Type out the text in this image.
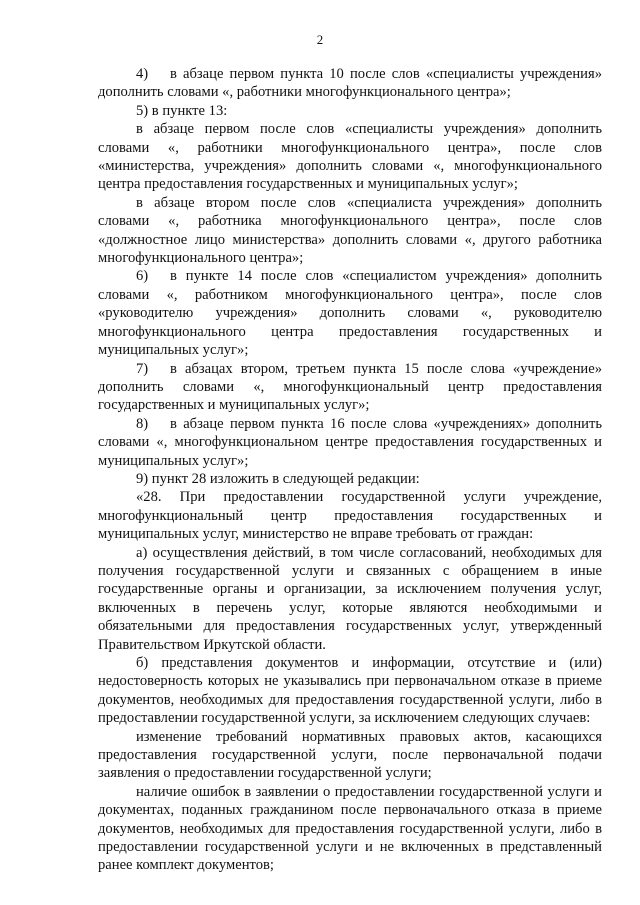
2

4) в абзаце первом пункта 10 после слов «специалисты учреждения» дополнить словами «, работники многофункционального центра»;

5) в пункте 13:

в абзаце первом после слов «специалисты учреждения» дополнить словами «, работники многофункционального центра», после слов «министерства, учреждения» дополнить словами «, многофункционального центра предоставления государственных и муниципальных услуг»;

в абзаце втором после слов «специалиста учреждения» дополнить словами «, работника многофункционального центра», после слов «должностное лицо министерства» дополнить словами «, другого работника многофункционального центра»;

6) в пункте 14 после слов «специалистом учреждения» дополнить словами «, работником многофункционального центра», после слов «руководителю учреждения» дополнить словами «, руководителю многофункционального центра предоставления государственных и муниципальных услуг»;

7) в абзацах втором, третьем пункта 15 после слова «учреждение» дополнить словами «, многофункциональный центр предоставления государственных и муниципальных услуг»;

8) в абзаце первом пункта 16 после слова «учреждениях» дополнить словами «, многофункциональном центре предоставления государственных и муниципальных услуг»;

9) пункт 28 изложить в следующей редакции:

«28. При предоставлении государственной услуги учреждение, многофункциональный центр предоставления государственных и муниципальных услуг, министерство не вправе требовать от граждан:

а) осуществления действий, в том числе согласований, необходимых для получения государственной услуги и связанных с обращением в иные государственные органы и организации, за исключением получения услуг, включенных в перечень услуг, которые являются необходимыми и обязательными для предоставления государственных услуг, утвержденный Правительством Иркутской области.

б) представления документов и информации, отсутствие и (или) недостоверность которых не указывались при первоначальном отказе в приеме документов, необходимых для предоставления государственной услуги, либо в предоставлении государственной услуги, за исключением следующих случаев:

изменение требований нормативных правовых актов, касающихся предоставления государственной услуги, после первоначальной подачи заявления о предоставлении государственной услуги;

наличие ошибок в заявлении о предоставлении государственной услуги и документах, поданных гражданином после первоначального отказа в приеме документов, необходимых для предоставления государственной услуги, либо в предоставлении государственной услуги и не включенных в представленный ранее комплект документов;
